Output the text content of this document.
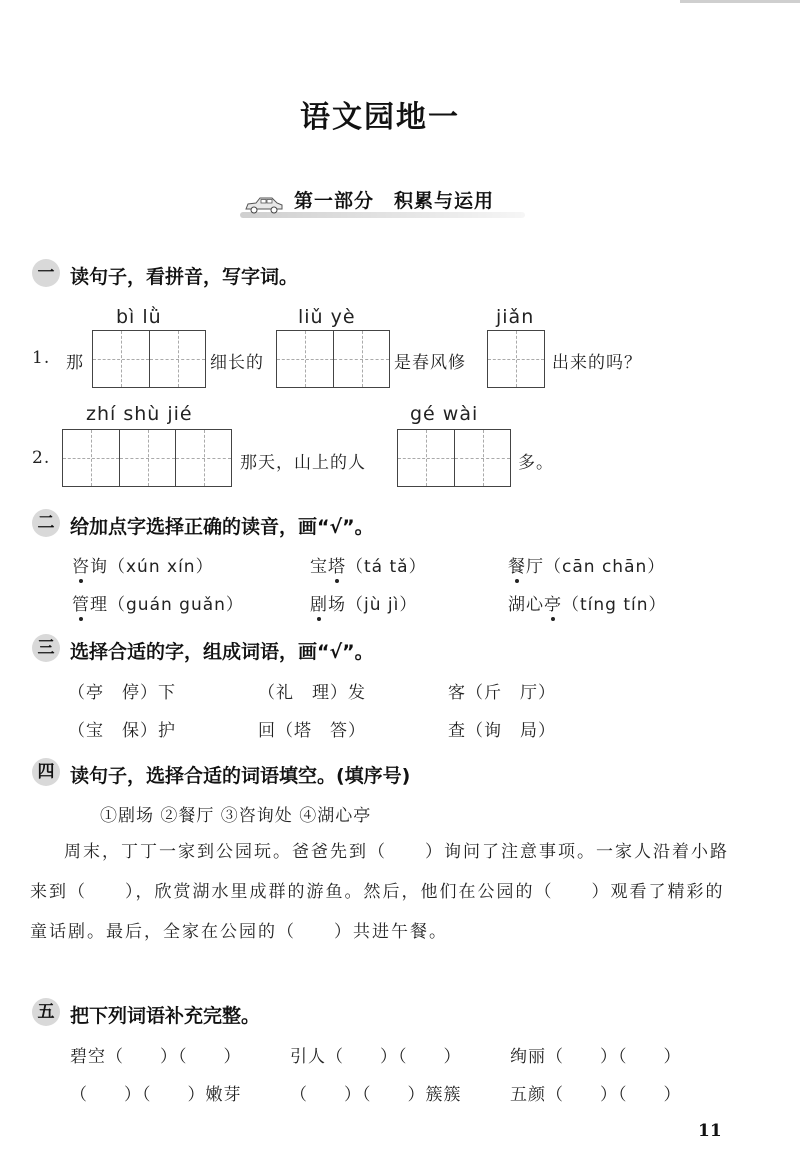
语文园地一
第一部分　积累与运用
一 读句子，看拼音，写字词。
bì lǜ	liǔ yè	jiǎn
1. 那	细长的	是春风修	出来的吗？
zhí shù jié	gé wài
2.	那天，山上的人	多。
二 给加点字选择正确的读音，画“√”。
咨询（xún xín）	宝塔（tá tǎ）	餐厅（cān chān）
管理（guán guǎn）	剧场（jù jì）	湖心亭（tíng tín）
三 选择合适的字，组成词语，画“√”。
（亭　停）下	（礼　理）发	客（斤　厅）
（宝　保）护	回（塔　答）	查（询　局）
四 读句子，选择合适的词语填空。(填序号)
①剧场 ②餐厅 ③咨询处 ④湖心亭
周末，丁丁一家到公园玩。爸爸先到（　　）询问了注意事项。一家人沿着小路来到（　　），欣赏湖水里成群的游鱼。然后，他们在公园的（　　）观看了精彩的童话剧。最后，全家在公园的（　　）共进午餐。
五 把下列词语补充完整。
碧空（　　）（　　）	引人（　　）（　　）	绚丽（　　）（　　）
（　　）（　　）嫩芽	（　　）（　　）簇簇	五颜（　　）（　　）
11
